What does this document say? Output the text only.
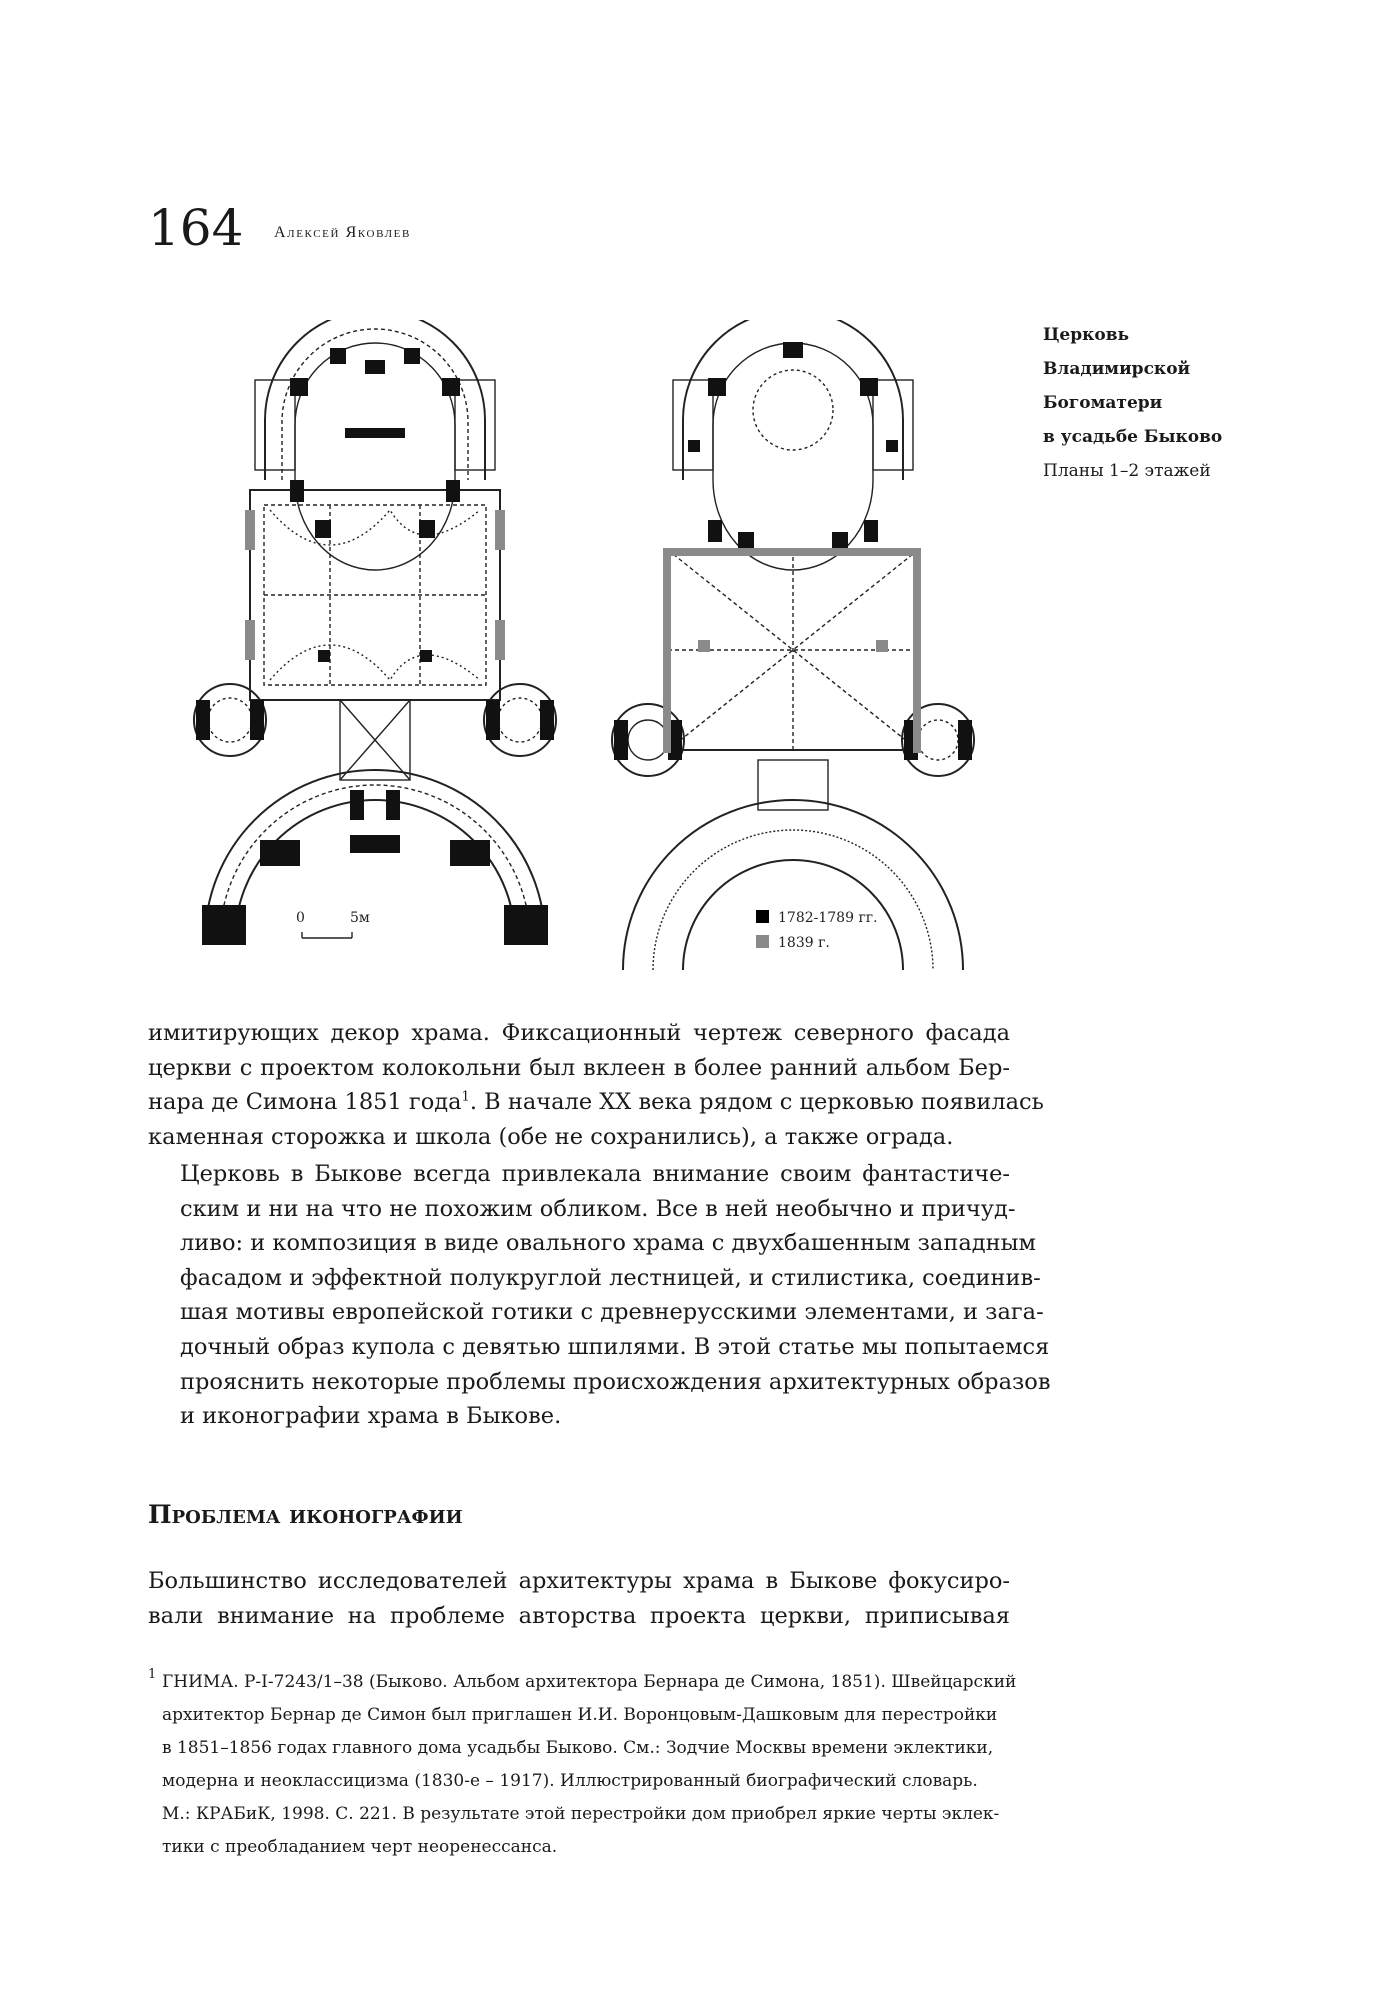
164 Алексей Яковлев
0	5м	1782-1789 гг.
1839 г.
Церковь
Владимирской
Богоматери
в усадьбе Быково
Планы 1–2 этажей
имитирующих декор храма. Фиксационный чертеж северного фасада
церкви с проектом колокольни был вклеен в более ранний альбом Бер-
нара де Симона 1851 года$^1$. В начале XX века рядом с церковью появилась
каменная сторожка и школа (обе не сохранились), а также ограда.
Церковь в Быкове всегда привлекала внимание своим фантастиче-
ским и ни на что не похожим обликом. Все в ней необычно и причуд-
ливо: и композиция в виде овального храма с двухбашенным западным
фасадом и эффектной полукруглой лестницей, и стилистика, соединив-
шая мотивы европейской готики с древнерусскими элементами, и зага-
дочный образ купола с девятью шпилями. В этой статье мы попытаемся
прояснить некоторые проблемы происхождения архитектурных образов
и иконографии храма в Быкове.
Проблема иконографии
Большинство исследователей архитектуры храма в Быкове фокусиро-
вали внимание на проблеме авторства проекта церкви, приписывая
1 ГНИМА. Р-I-7243/1–38 (Быково. Альбом архитектора Бернара де Симона, 1851). Швейцарский
архитектор Бернар де Симон был приглашен И.И. Воронцовым-Дашковым для перестройки
в 1851–1856 годах главного дома усадьбы Быково. См.: Зодчие Москвы времени эклектики,
модерна и неоклассицизма (1830-е – 1917). Иллюстрированный биографический словарь.
М.: КРАБиК, 1998. С. 221. В результате этой перестройки дом приобрел яркие черты эклек-
тики с преобладанием черт неоренессанса.
